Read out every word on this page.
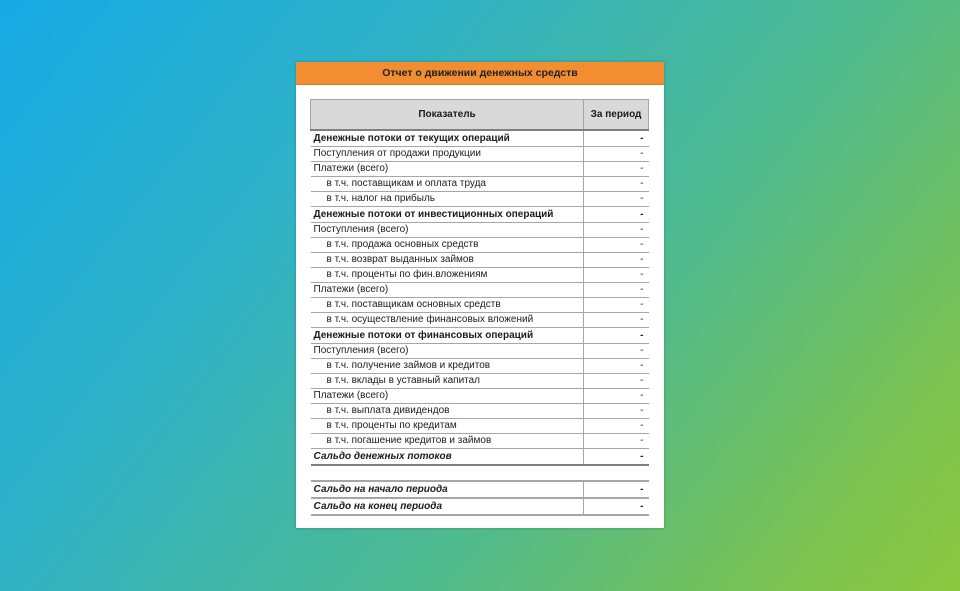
Отчет о движении денежных средств
Показатель	За период
Денежные потоки от текущих операций	-
Поступления от продажи продукции	-
Платежи (всего)	-
в т.ч. поставщикам и оплата труда	-
в т.ч. налог на прибыль	-
Денежные потоки от инвестиционных операций	-
Поступления (всего)	-
в т.ч. продажа основных средств	-
в т.ч. возврат выданных займов	-
в т.ч. проценты по фин.вложениям	-
Платежи (всего)	-
в т.ч. поставщикам основных средств	-
в т.ч. осуществление финансовых вложений	-
Денежные потоки от финансовых операций	-
Поступления (всего)	-
в т.ч. получение займов и кредитов	-
в т.ч. вклады в уставный капитал	-
Платежи (всего)	-
в т.ч. выплата дивидендов	-
в т.ч. проценты по кредитам	-
в т.ч. погашение кредитов и займов	-
Сальдо денежных потоков	-

Сальдо на начало периода	-
Сальдо на конец периода	-
